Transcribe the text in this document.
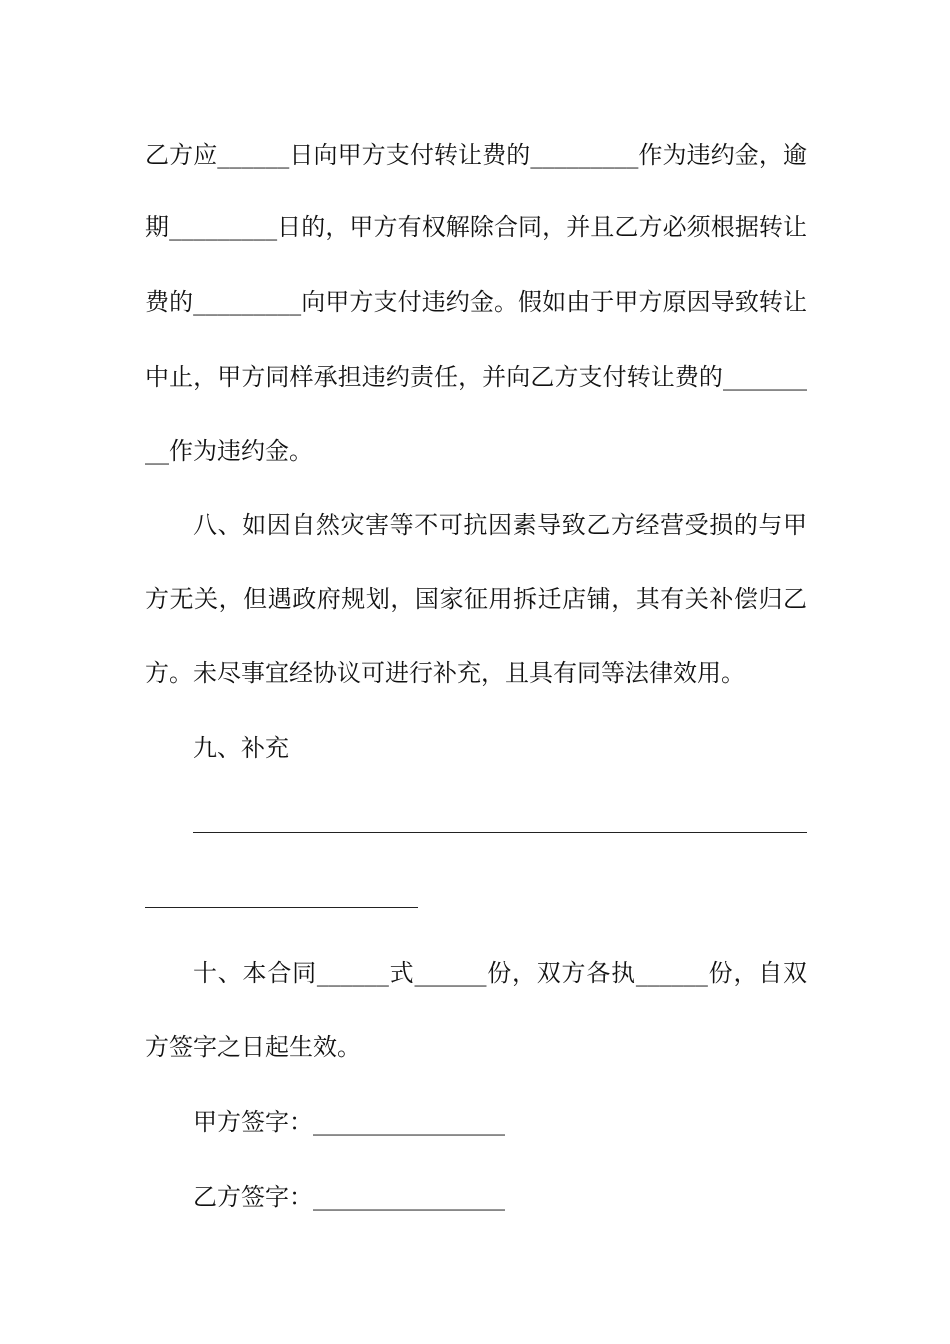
乙方应______日向甲方支付转让费的_________作为违约金，逾
期_________日的，甲方有权解除合同，并且乙方必须根据转让
费的_________向甲方支付违约金。假如由于甲方原因导致转让
中止，甲方同样承担违约责任，并向乙方支付转让费的_______
__作为违约金。
八、如因自然灾害等不可抗因素导致乙方经营受损的与甲
方无关，但遇政府规划，国家征用拆迁店铺，其有关补偿归乙
方。未尽事宜经协议可进行补充，且具有同等法律效用。
九、补充
十、本合同______式______份，双方各执______份，自双
方签字之日起生效。
甲方签字：________________
乙方签字：________________
